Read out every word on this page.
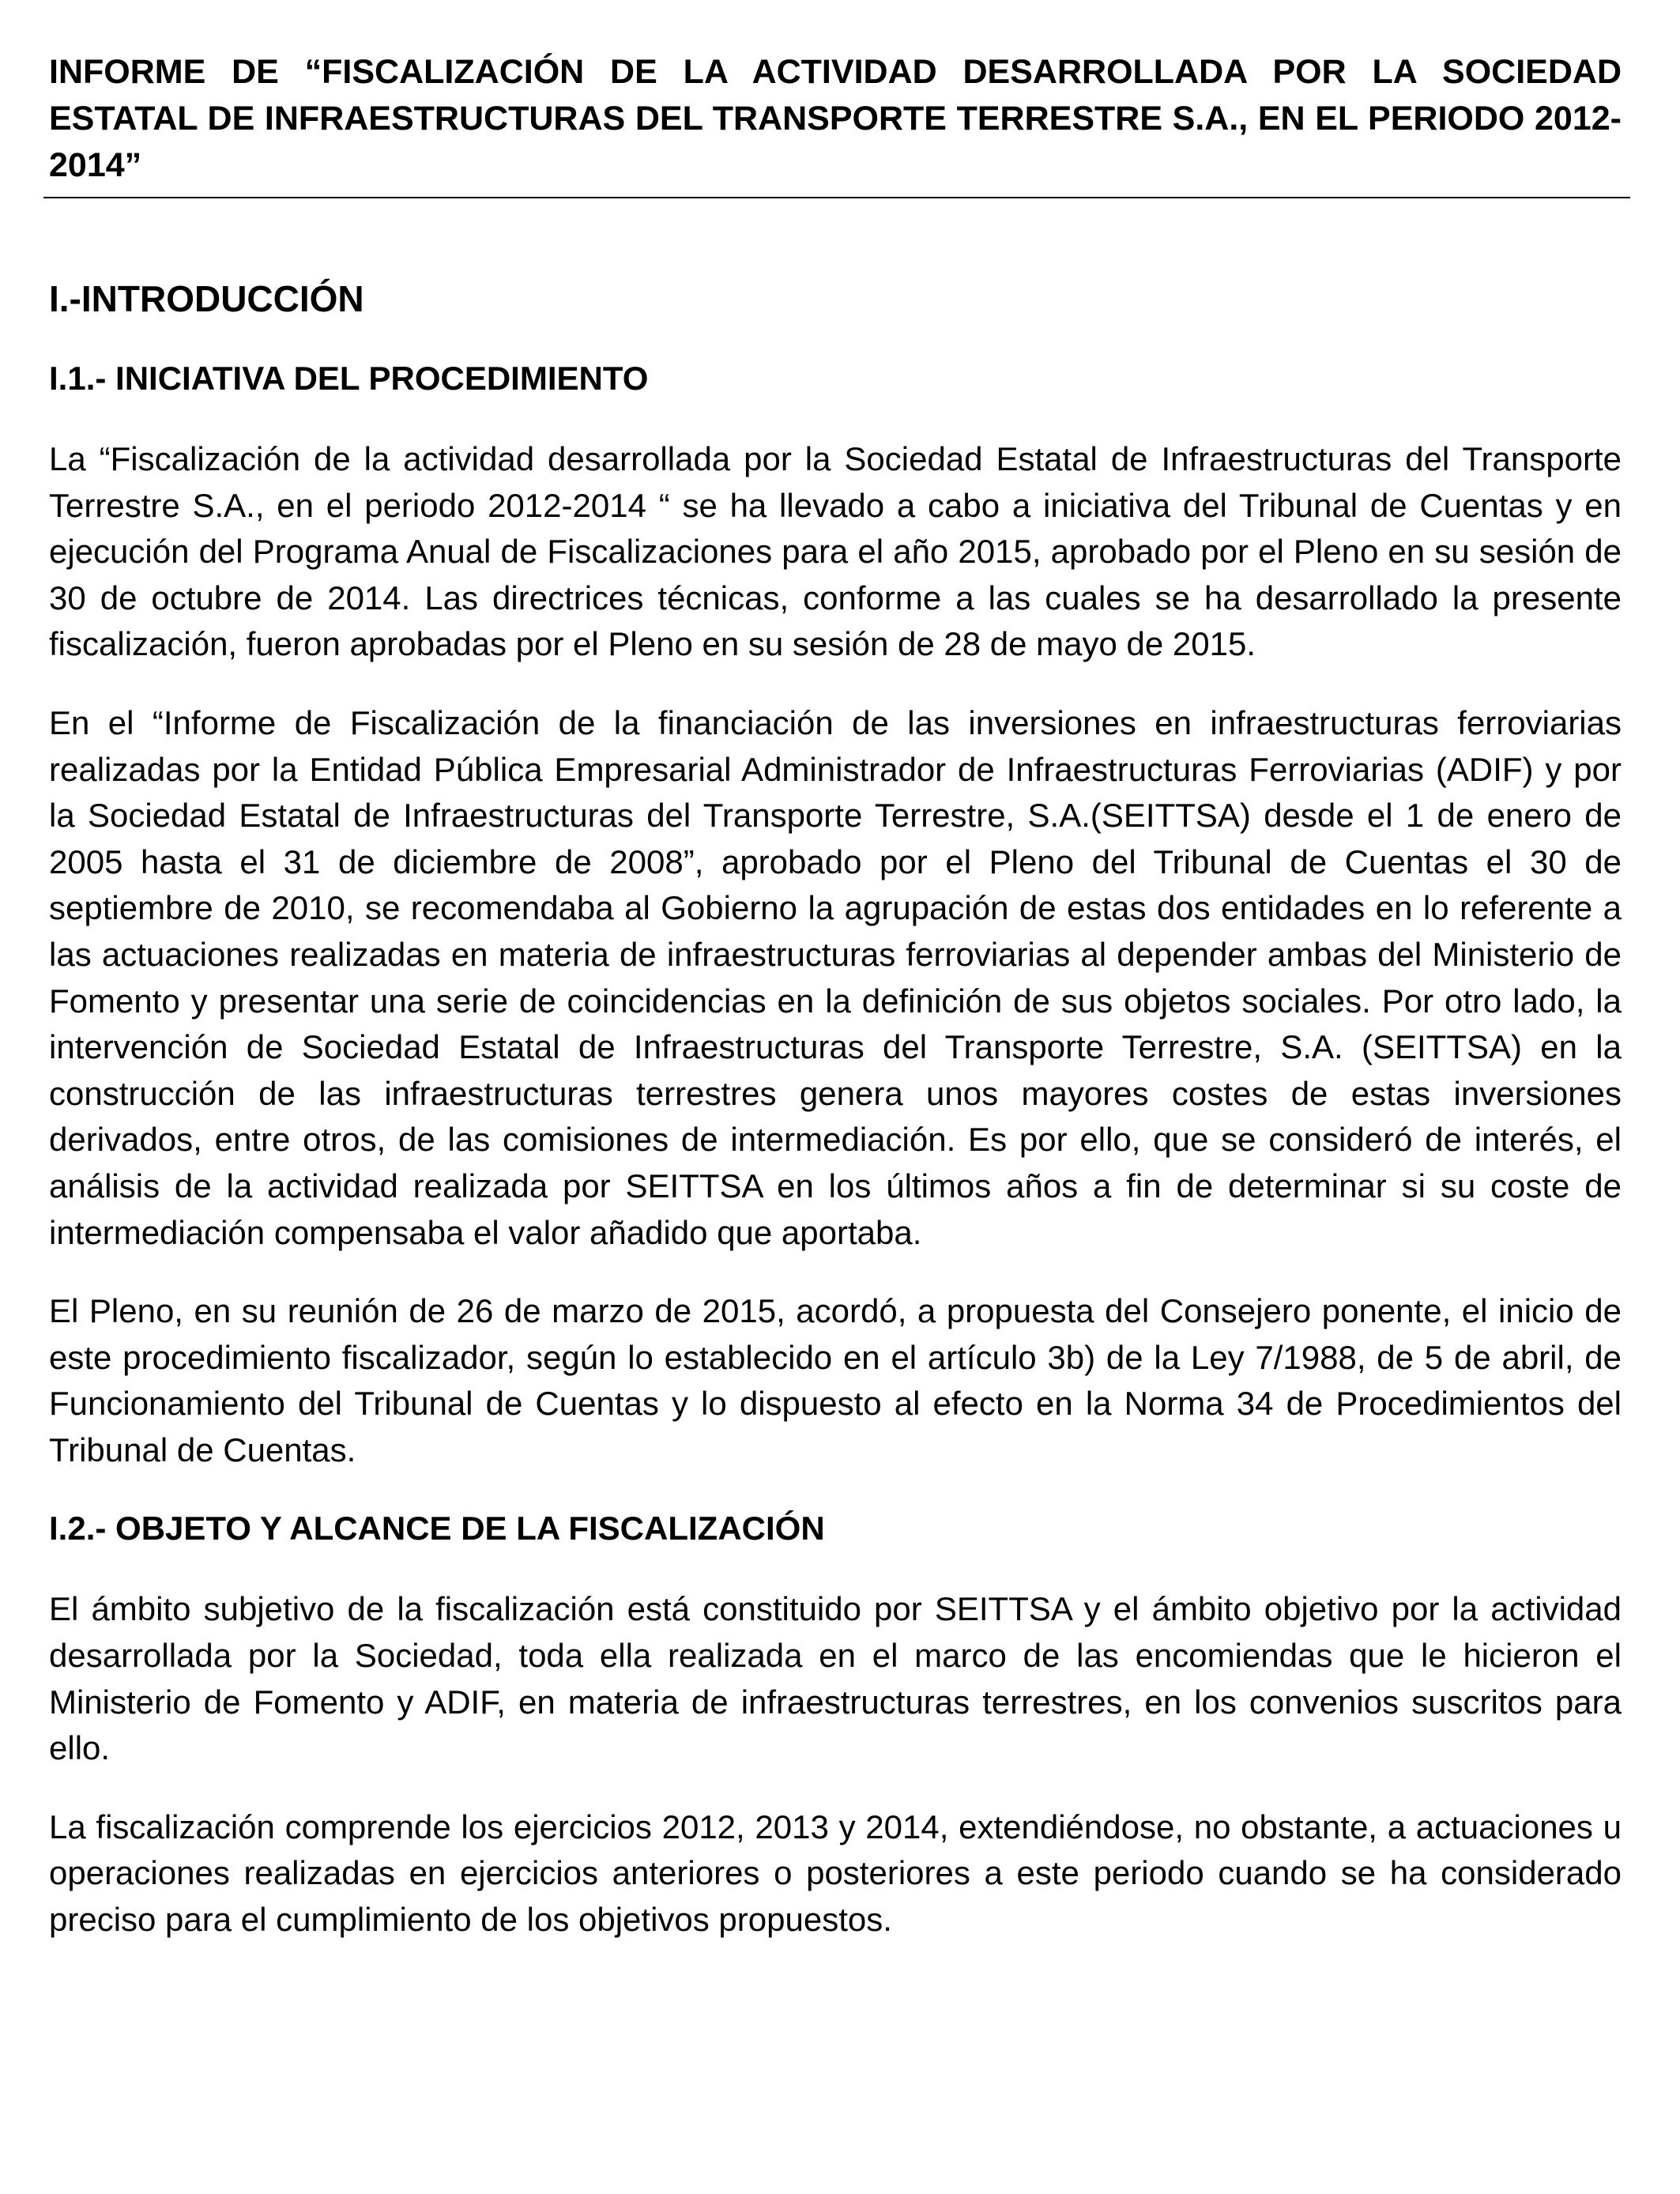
INFORME DE “FISCALIZACIÓN DE LA ACTIVIDAD DESARROLLADA POR LA SOCIEDAD ESTATAL DE INFRAESTRUCTURAS DEL TRANSPORTE TERRESTRE S.A., EN EL PERIODO 2012-2014”
I.-INTRODUCCIÓN
I.1.- INICIATIVA DEL PROCEDIMIENTO

La “Fiscalización de la actividad desarrollada por la Sociedad Estatal de Infraestructuras del Transporte Terrestre S.A., en el periodo 2012-2014 “ se ha llevado a cabo a iniciativa del Tribunal de Cuentas y en ejecución del Programa Anual de Fiscalizaciones para el año 2015, aprobado por el Pleno en su sesión de 30 de octubre de 2014. Las directrices técnicas, conforme a las cuales se ha desarrollado la presente fiscalización, fueron aprobadas por el Pleno en su sesión de 28 de mayo de 2015.

En el “Informe de Fiscalización de la financiación de las inversiones en infraestructuras ferroviarias realizadas por la Entidad Pública Empresarial Administrador de Infraestructuras Ferroviarias (ADIF) y por la Sociedad Estatal de Infraestructuras del Transporte Terrestre, S.A.(SEITTSA) desde el 1 de enero de 2005 hasta el 31 de diciembre de 2008”, aprobado por el Pleno del Tribunal de Cuentas el 30 de septiembre de 2010, se recomendaba al Gobierno la agrupación de estas dos entidades en lo referente a las actuaciones realizadas en materia de infraestructuras ferroviarias al depender ambas del Ministerio de Fomento y presentar una serie de coincidencias en la definición de sus objetos sociales. Por otro lado, la intervención de Sociedad Estatal de Infraestructuras del Transporte Terrestre, S.A. (SEITTSA) en la construcción de las infraestructuras terrestres genera unos mayores costes de estas inversiones derivados, entre otros, de las comisiones de intermediación. Es por ello, que se consideró de interés, el análisis de la actividad realizada por SEITTSA en los últimos años a fin de determinar si su coste de intermediación compensaba el valor añadido que aportaba.

El Pleno, en su reunión de 26 de marzo de 2015, acordó, a propuesta del Consejero ponente, el inicio de este procedimiento fiscalizador, según lo establecido en el artículo 3b) de la Ley 7/1988, de 5 de abril, de Funcionamiento del Tribunal de Cuentas y lo dispuesto al efecto en la Norma 34 de Procedimientos del Tribunal de Cuentas.

I.2.- OBJETO Y ALCANCE DE LA FISCALIZACIÓN

El ámbito subjetivo de la fiscalización está constituido por SEITTSA y el ámbito objetivo por la actividad desarrollada por la Sociedad, toda ella realizada en el marco de las encomiendas que le hicieron el Ministerio de Fomento y ADIF, en materia de infraestructuras terrestres, en los convenios suscritos para ello.

La fiscalización comprende los ejercicios 2012, 2013 y 2014, extendiéndose, no obstante, a actuaciones u operaciones realizadas en ejercicios anteriores o posteriores a este periodo cuando se ha considerado preciso para el cumplimiento de los objetivos propuestos.
